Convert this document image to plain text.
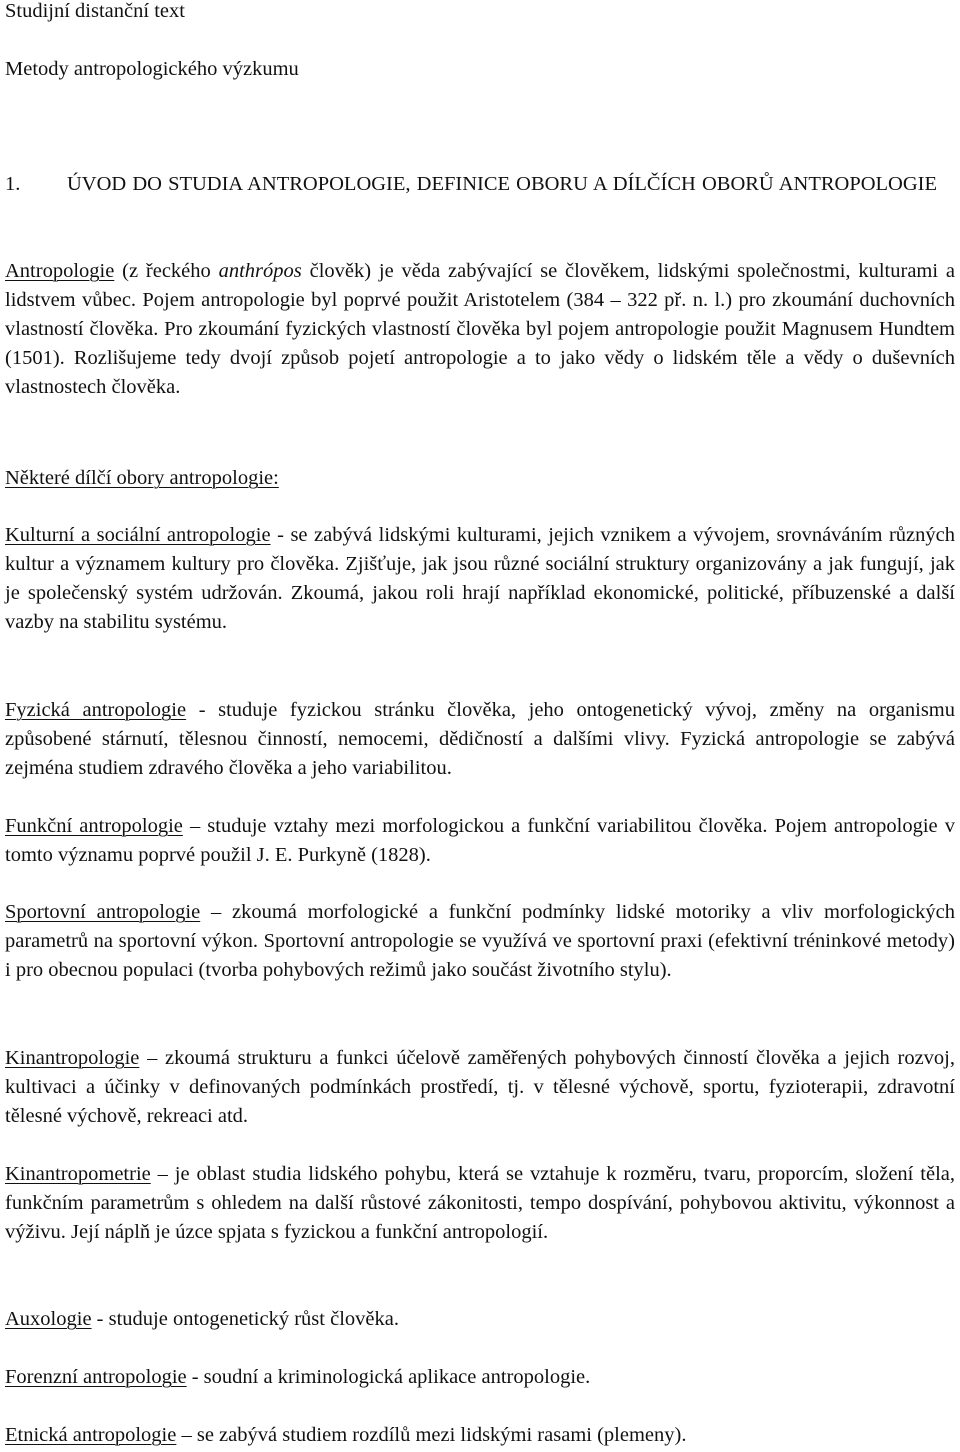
Studijní distanční text

Metody antropologického výzkumu

1. ÚVOD DO STUDIA ANTROPOLOGIE, DEFINICE OBORU A DÍLČÍCH OBORŮ ANTROPOLOGIE

Antropologie (z řeckého anthrópos člověk) je věda zabývající se člověkem, lidskými společnostmi, kulturami a lidstvem vůbec. Pojem antropologie byl poprvé použit Aristotelem (384 – 322 př. n. l.) pro zkoumání duchovních vlastností člověka. Pro zkoumání fyzických vlastností člověka byl pojem antropologie použit Magnusem Hundtem (1501). Rozlišujeme tedy dvojí způsob pojetí antropologie a to jako vědy o lidském těle a vědy o duševních vlastnostech člověka.

Některé dílčí obory antropologie:

Kulturní a sociální antropologie - se zabývá lidskými kulturami, jejich vznikem a vývojem, srovnáváním různých kultur a významem kultury pro člověka. Zjišťuje, jak jsou různé sociální struktury organizovány a jak fungují, jak je společenský systém udržován. Zkoumá, jakou roli hrají například ekonomické, politické, příbuzenské a další vazby na stabilitu systému.

Fyzická antropologie - studuje fyzickou stránku člověka, jeho ontogenetický vývoj, změny na organismu způsobené stárnutí, tělesnou činností, nemocemi, dědičností a dalšími vlivy. Fyzická antropologie se zabývá zejména studiem zdravého člověka a jeho variabilitou.

Funkční antropologie – studuje vztahy mezi morfologickou a funkční variabilitou člověka. Pojem antropologie v tomto významu poprvé použil J. E. Purkyně (1828).

Sportovní antropologie – zkoumá morfologické a funkční podmínky lidské motoriky a vliv morfologických parametrů na sportovní výkon. Sportovní antropologie se využívá ve sportovní praxi (efektivní tréninkové metody) i pro obecnou populaci (tvorba pohybových režimů jako součást životního stylu).

Kinantropologie – zkoumá strukturu a funkci účelově zaměřených pohybových činností člověka a jejich rozvoj, kultivaci a účinky v definovaných podmínkách prostředí, tj. v tělesné výchově, sportu, fyzioterapii, zdravotní tělesné výchově, rekreaci atd.

Kinantropometrie – je oblast studia lidského pohybu, která se vztahuje k rozměru, tvaru, proporcím, složení těla, funkčním parametrům s ohledem na další růstové zákonitosti, tempo dospívání, pohybovou aktivitu, výkonnost a výživu. Její náplň je úzce spjata s fyzickou a funkční antropologií.

Auxologie - studuje ontogenetický růst člověka.

Forenzní antropologie - soudní a kriminologická aplikace antropologie.

Etnická antropologie – se zabývá studiem rozdílů mezi lidskými rasami (plemeny).
